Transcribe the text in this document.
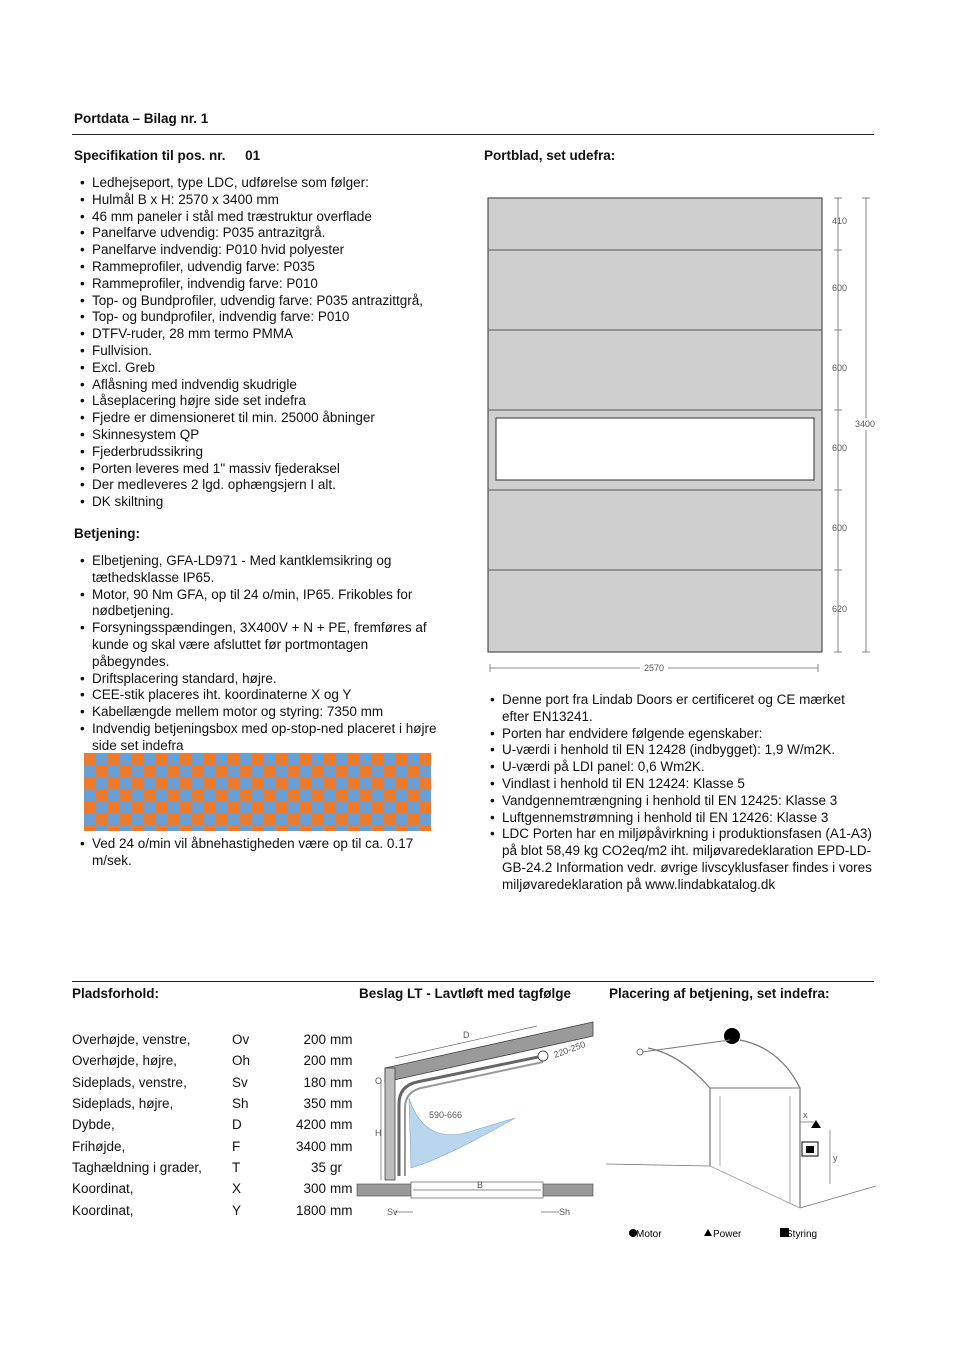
Portdata – Bilag nr. 1
Specifikation til pos. nr. 01
• Ledhejseport, type LDC, udførelse som følger:
• Hulmål B x H: 2570 x 3400 mm
• 46 mm paneler i stål med træstruktur overflade
• Panelfarve udvendig: P035 antrazitgrå.
• Panelfarve indvendig: P010 hvid polyester
• Rammeprofiler, udvendig farve: P035
• Rammeprofiler, indvendig farve: P010
• Top- og Bundprofiler, udvendig farve: P035 antrazittgrå,
• Top- og bundprofiler, indvendig farve: P010
• DTFV-ruder, 28 mm termo PMMA
• Fullvision.
• Excl. Greb
• Aflåsning med indvendig skudrigle
• Låseplacering højre side set indefra
• Fjedre er dimensioneret til min. 25000 åbninger
• Skinnesystem QP
• Fjederbrudssikring
• Porten leveres med 1" massiv fjederaksel
• Der medleveres 2 lgd. ophængsjern I alt.
• DK skiltning
Betjening:
• Elbetjening, GFA-LD971 - Med kantklemsikring og tæthedsklasse IP65.
• Motor, 90 Nm GFA, op til 24 o/min, IP65. Frikobles for nødbetjening.
• Forsyningsspændingen, 3X400V + N + PE, fremføres af kunde og skal være afsluttet før portmontagen påbegyndes.
• Driftsplacering standard, højre.
• CEE-stik placeres iht. koordinaterne X og Y
• Kabellængde mellem motor og styring: 7350 mm
• Indvendig betjeningsbox med op-stop-ned placeret i højre side set indefra
• Ved 24 o/min vil åbnehastigheden være op til ca. 0.17 m/sek.
Portblad, set udefra:
410
600
600
600
600
620
3400
2570
• Denne port fra Lindab Doors er certificeret og CE mærket efter EN13241.
• Porten har endvidere følgende egenskaber:
• U-værdi i henhold til EN 12428 (indbygget): 1,9 W/m2K.
• U-værdi på LDI panel: 0,6 Wm2K.
• Vindlast i henhold til EN 12424: Klasse 5
• Vandgennemtrængning i henhold til EN 12425: Klasse 3
• Luftgennemstrømning i henhold til EN 12426: Klasse 3
• LDC Porten har en miljøpåvirkning i produktionsfasen (A1-A3) på blot 58,49 kg CO2eq/m2 iht. miljøvaredeklaration EPD-LD-GB-24.2 Information vedr. øvrige livscyklusfaser findes i vores miljøvaredeklaration på www.lindabkatalog.dk
Pladsforhold:
Overhøjde, venstre,	Ov	200	mm
Overhøjde, højre,	Oh	200	mm
Sideplads, venstre,	Sv	180	mm
Sideplads, højre,	Sh	350	mm
Dybde,	D	4200	mm
Frihøjde,	F	3400	mm
Taghældning i grader,	T	35	gr
Koordinat,	X	300	mm
Koordinat,	Y	1800	mm
Beslag LT - Lavtløft med tagfølge
D
220-250
O
590-666
H
B
Sv	Sh
Placering af betjening, set indefra:
x
y
Motor	Power	Styring
